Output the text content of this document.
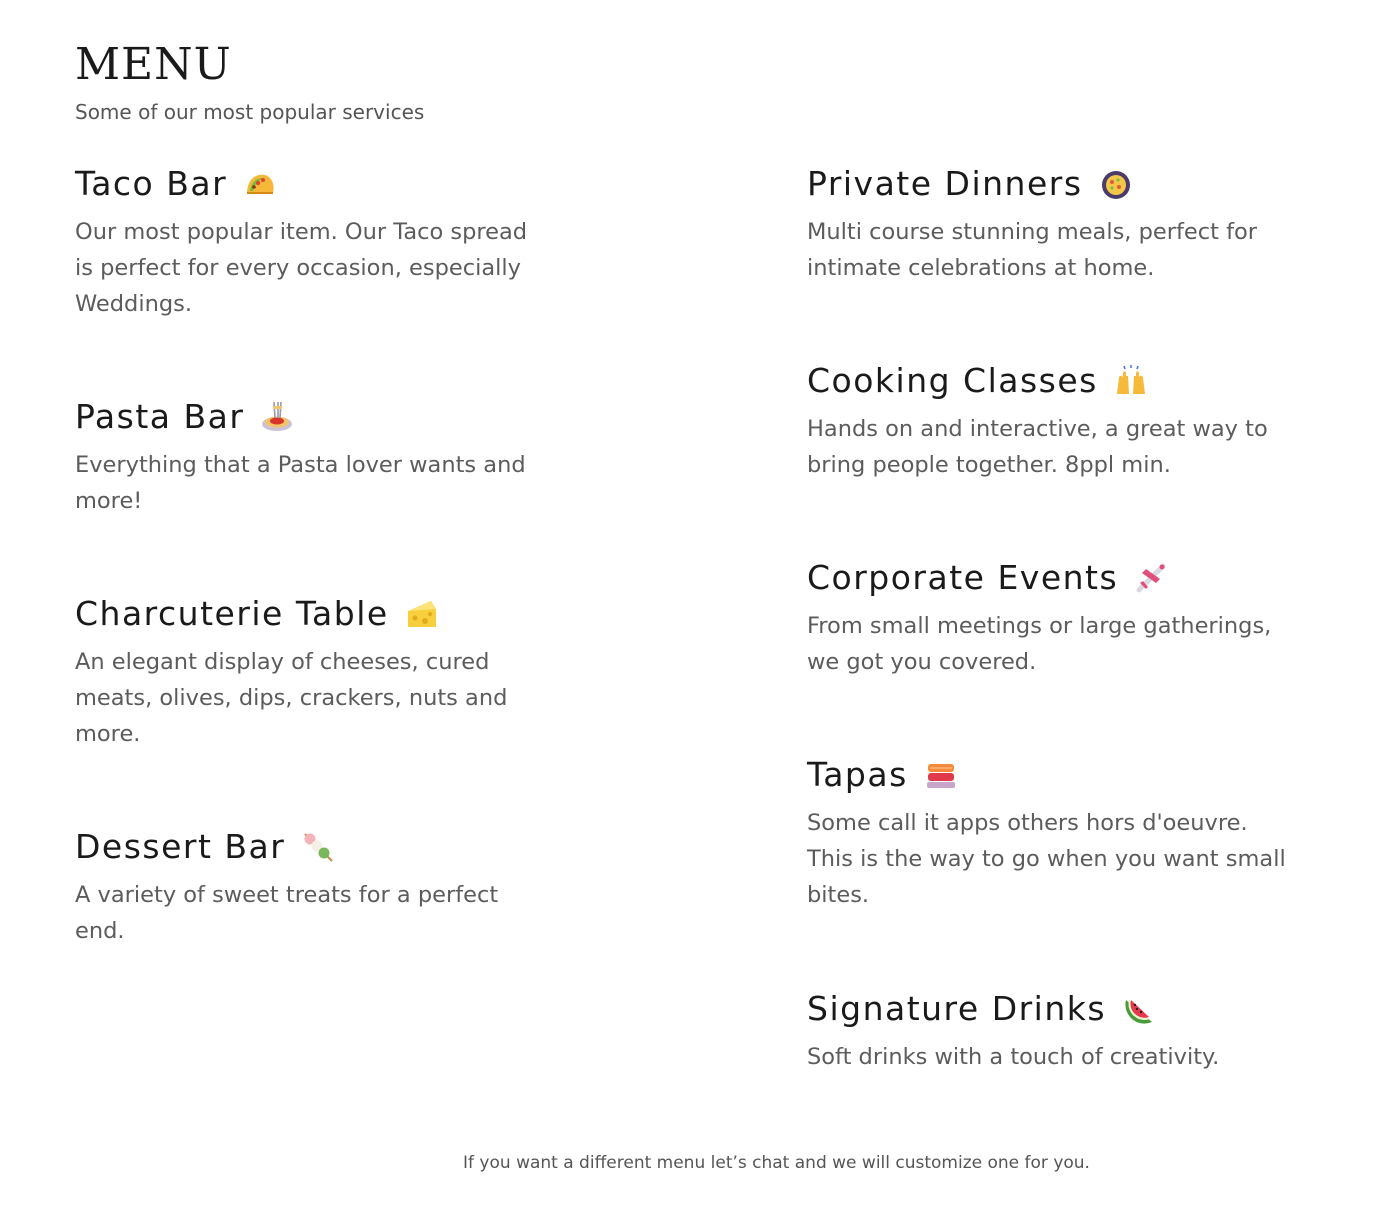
MENU

Some of our most popular services

Taco Bar

Our most popular item. Our Taco spread is perfect for every occasion, especially Weddings.

Pasta Bar

Everything that a Pasta lover wants and more!

Charcuterie Table

An elegant display of cheeses, cured meats, olives, dips, crackers, nuts and more.

Dessert Bar

A variety of sweet treats for a perfect end.

Private Dinners

Multi course stunning meals, perfect for intimate celebrations at home.

Cooking Classes

Hands on and interactive, a great way to bring people together. 8ppl min.

Corporate Events

From small meetings or large gatherings, we got you covered.

Tapas

Some call it apps others hors d'oeuvre. This is the way to go when you want small bites.

Signature Drinks

Soft drinks with a touch of creativity.

If you want a different menu let’s chat and we will customize one for you.
